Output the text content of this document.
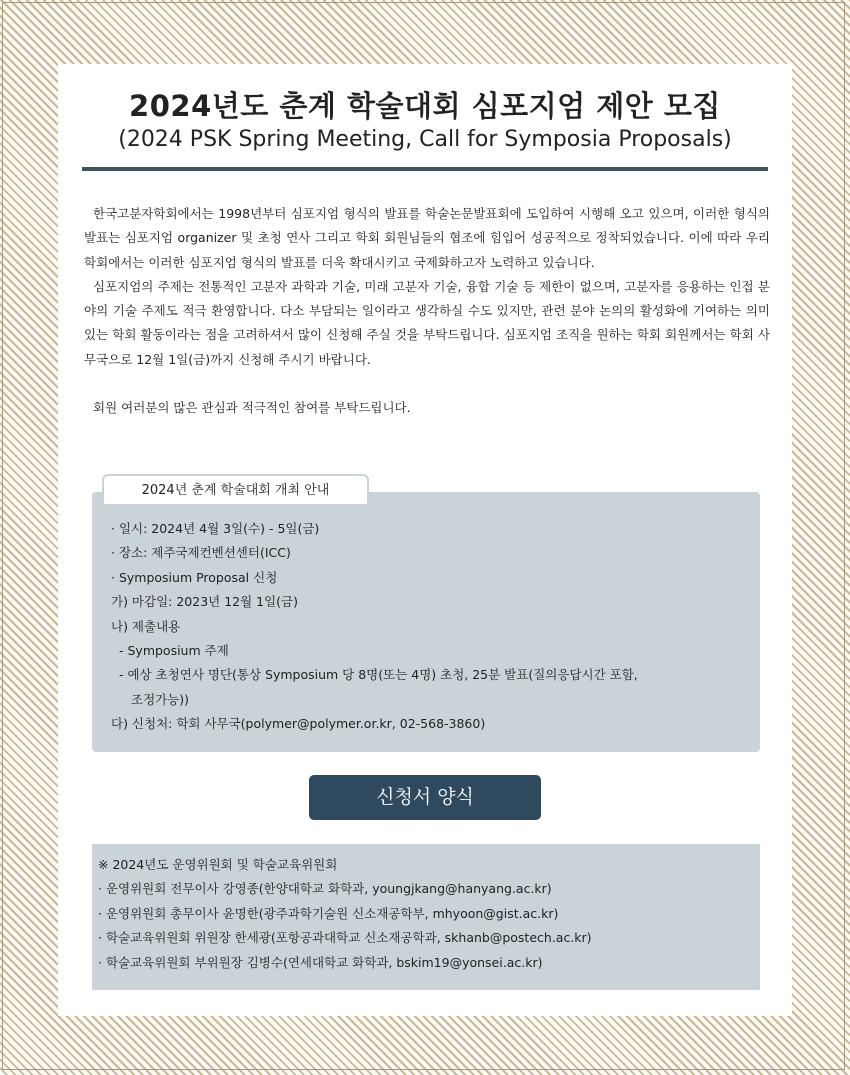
2024년도 춘계 학술대회 심포지엄 제안 모집
(2024 PSK Spring Meeting, Call for Symposia Proposals)

한국고분자학회에서는 1998년부터 심포지엄 형식의 발표를 학술논문발표회에 도입하여 시행해 오고 있으며, 이러한 형식의 발표는 심포지엄 organizer 및 초청 연사 그리고 학회 회원님들의 협조에 힘입어 성공적으로 정착되었습니다. 이에 따라 우리 학회에서는 이러한 심포지엄 형식의 발표를 더욱 확대시키고 국제화하고자 노력하고 있습니다.

심포지엄의 주제는 전통적인 고분자 과학과 기술, 미래 고분자 기술, 융합 기술 등 제한이 없으며, 고분자를 응용하는 인접 분야의 기술 주제도 적극 환영합니다. 다소 부담되는 일이라고 생각하실 수도 있지만, 관련 분야 논의의 활성화에 기여하는 의미 있는 학회 활동이라는 점을 고려하셔서 많이 신청해 주실 것을 부탁드립니다. 심포지엄 조직을 원하는 학회 회원께서는 학회 사무국으로 12월 1일(금)까지 신청해 주시기 바랍니다.

회원 여러분의 많은 관심과 적극적인 참여를 부탁드립니다.

2024년 춘계 학술대회 개최 안내
· 일시: 2024년 4월 3일(수) - 5일(금)
· 장소: 제주국제컨벤션센터(ICC)
· Symposium Proposal 신청
가) 마감일: 2023년 12월 1일(금)
나) 제출내용
- Symposium 주제
- 예상 초청연사 명단(통상 Symposium 당 8명(또는 4명) 초청, 25분 발표(질의응답시간 포함,
조정가능))
다) 신청처: 학회 사무국(polymer@polymer.or.kr, 02-568-3860)
신청서 양식
※ 2024년도 운영위원회 및 학술교육위원회
· 운영위원회 전무이사 강영종(한양대학교 화학과, youngjkang@hanyang.ac.kr)
· 운영위원회 총무이사 윤명한(광주과학기술원 신소재공학부, mhyoon@gist.ac.kr)
· 학술교육위원회 위원장 한세광(포항공과대학교 신소재공학과, skhanb@postech.ac.kr)
· 학술교육위원회 부위원장 김병수(연세대학교 화학과, bskim19@yonsei.ac.kr)
